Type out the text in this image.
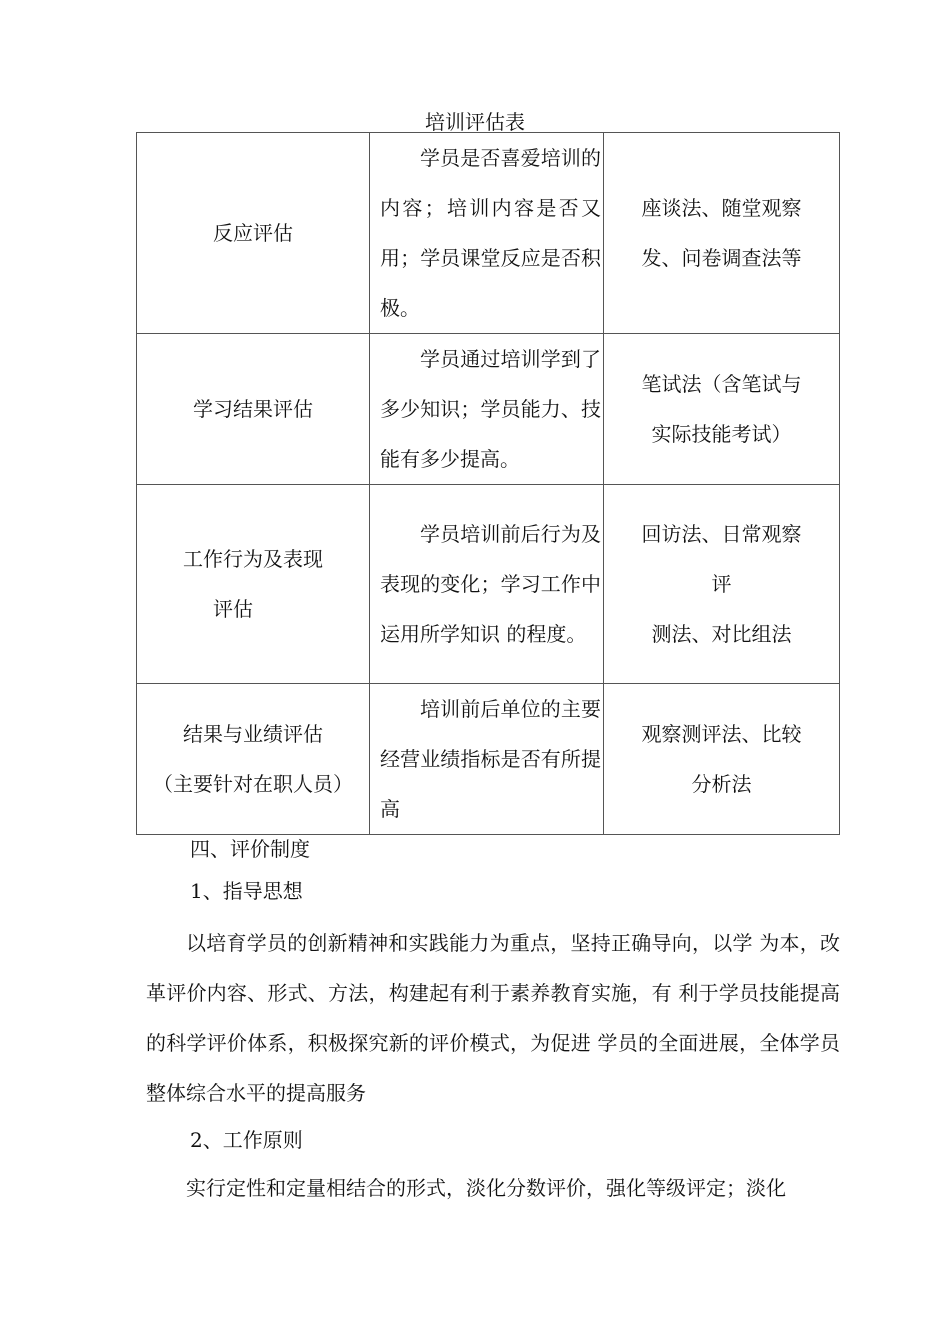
培训评估表
反应评估	学员是否喜爱培训的内容；培训内容是否又用；学员课堂反应是否积极。	座谈法、随堂观察
发、问卷调查法等

学习结果评估	学员通过培训学到了多少知识；学员能力、技能有多少提高。	笔试法（含笔试与
实际技能考试）

工作行为及表现
评估	学员培训前后行为及表现的变化；学习工作中运用所学知识 的程度。	回访法、日常观察
评
测法、对比组法

结果与业绩评估
（主要针对在职人员）	培训前后单位的主要经营业绩指标是否有所提高	观察测评法、比较
分析法

四、评价制度

1、指导思想

以培育学员的创新精神和实践能力为重点，坚持正确导向，以学 为本，改革评价内容、形式、方法，构建起有利于素养教育实施，有 利于学员技能提高的科学评价体系，积极探究新的评价模式，为促进 学员的全面进展，全体学员整体综合水平的提高服务

2、工作原则

实行定性和定量相结合的形式，淡化分数评价，强化等级评定；淡化
